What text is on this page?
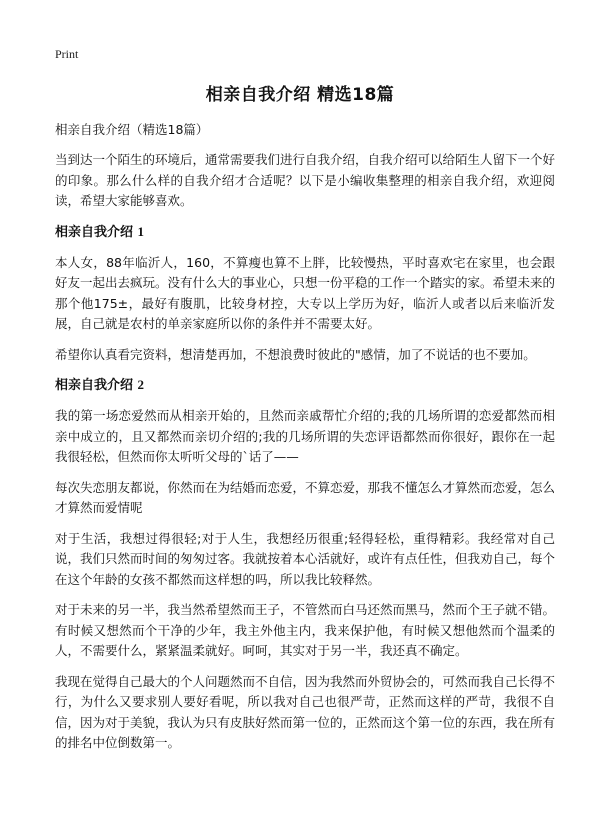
Print
相亲自我介绍 精选18篇
相亲自我介绍（精选18篇）

当到达一个陌生的环境后，通常需要我们进行自我介绍，自我介绍可以给陌生人留下一个好的印象。那么什么样的自我介绍才合适呢？以下是小编收集整理的相亲自我介绍，欢迎阅读，希望大家能够喜欢。

相亲自我介绍 1

本人女，88年临沂人，160，不算瘦也算不上胖，比较慢热，平时喜欢宅在家里，也会跟好友一起出去疯玩。没有什么大的事业心，只想一份平稳的工作一个踏实的家。希望未来的那个他175±，最好有腹肌，比较身材控，大专以上学历为好，临沂人或者以后来临沂发展，自己就是农村的单亲家庭所以你的条件并不需要太好。

希望你认真看完资料，想清楚再加，不想浪费时彼此的"感情，加了不说话的也不要加。

相亲自我介绍 2

我的第一场恋爱然而从相亲开始的，且然而亲戚帮忙介绍的;我的几场所谓的恋爱都然而相亲中成立的，且又都然而亲切介绍的;我的几场所谓的失恋评语都然而你很好，跟你在一起我很轻松，但然而你太听听父母的`话了——

每次失恋朋友都说，你然而在为结婚而恋爱，不算恋爱，那我不懂怎么才算然而恋爱，怎么才算然而爱情呢

对于生活，我想过得很轻;对于人生，我想经历很重;轻得轻松，重得精彩。我经常对自己说，我们只然而时间的匆匆过客。我就按着本心活就好，或许有点任性，但我劝自己，每个在这个年龄的女孩不都然而这样想的吗，所以我比较释然。

对于未来的另一半，我当然希望然而王子，不管然而白马还然而黑马，然而个王子就不错。有时候又想然而个干净的少年，我主外他主内，我来保护他，有时候又想他然而个温柔的人，不需要什么，紧紧温柔就好。呵呵，其实对于另一半，我还真不确定。

我现在觉得自己最大的个人问题然而不自信，因为我然而外贸协会的，可然而我自己长得不行，为什么又要求别人要好看呢，所以我对自己也很严苛，正然而这样的严苛，我很不自信，因为对于美貌，我认为只有皮肤好然而第一位的，正然而这个第一位的东西，我在所有的排名中位倒数第一。
